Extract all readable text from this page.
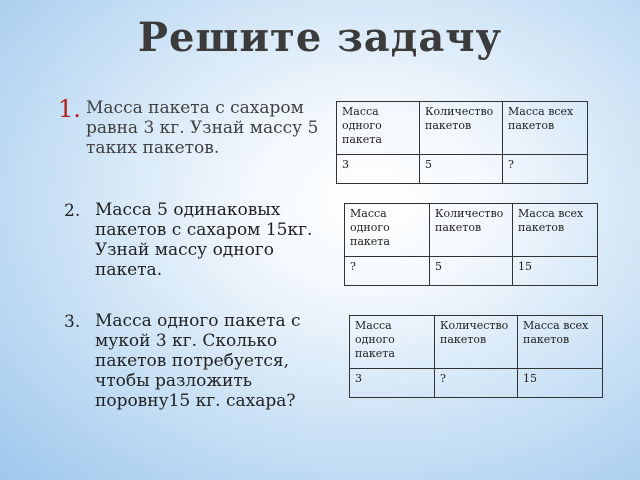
Решите задачу
1. Масса пакета с сахаром равна 3 кг. Узнай массу 5 таких пакетов.
Масса одного пакета	Количество пакетов	Масса всех пакетов
3	5	?
2. Масса 5 одинаковых пакетов с сахаром 15кг. Узнай массу одного пакета.
Масса одного пакета	Количество пакетов	Масса всех пакетов
?	5	15
3. Масса одного пакета с мукой 3 кг. Сколько пакетов потребуется, чтобы разложить поровну15 кг. сахара?
Масса одного пакета	Количество пакетов	Масса всех пакетов
3	?	15
